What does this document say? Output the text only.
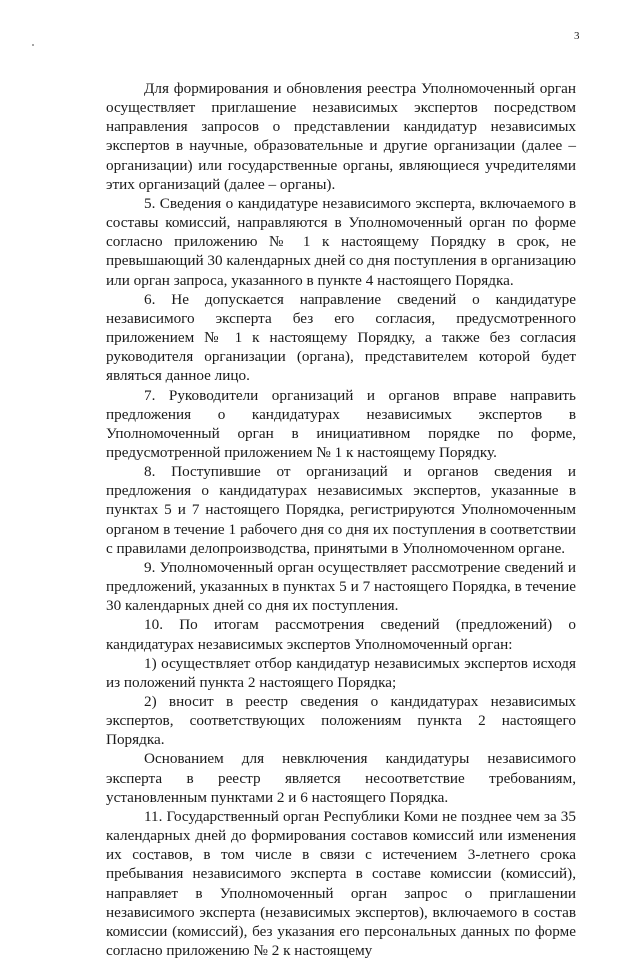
3

Для формирования и обновления реестра Уполномоченный орган осуществляет приглашение независимых экспертов посредством направления запросов о представлении кандидатур независимых экспертов в научные, образовательные и другие организации (далее – организации) или государственные органы, являющиеся учредителями этих организаций (далее – органы).

5. Сведения о кандидатуре независимого эксперта, включаемого в составы комиссий, направляются в Уполномоченный орган по форме согласно приложению № 1 к настоящему Порядку в срок, не превышающий 30 календарных дней со дня поступления в организацию или орган запроса, указанного в пункте 4 настоящего Порядка.

6. Не допускается направление сведений о кандидатуре независимого эксперта без его согласия, предусмотренного приложением № 1 к настоящему Порядку, а также без согласия руководителя организации (органа), представителем которой будет являться данное лицо.

7. Руководители организаций и органов вправе направить предложения о кандидатурах независимых экспертов в Уполномоченный орган в инициативном порядке по форме, предусмотренной приложением № 1 к настоящему Порядку.

8. Поступившие от организаций и органов сведения и предложения о кандидатурах независимых экспертов, указанные в пунктах 5 и 7 настоящего Порядка, регистрируются Уполномоченным органом в течение 1 рабочего дня со дня их поступления в соответствии с правилами делопроизводства, принятыми в Уполномоченном органе.

9. Уполномоченный орган осуществляет рассмотрение сведений и предложений, указанных в пунктах 5 и 7 настоящего Порядка, в течение 30 календарных дней со дня их поступления.

10. По итогам рассмотрения сведений (предложений) о кандидатурах независимых экспертов Уполномоченный орган:

1) осуществляет отбор кандидатур независимых экспертов исходя из положений пункта 2 настоящего Порядка;

2) вносит в реестр сведения о кандидатурах независимых экспертов, соответствующих положениям пункта 2 настоящего Порядка.

Основанием для невключения кандидатуры независимого эксперта в реестр является несоответствие требованиям, установленным пунктами 2 и 6 настоящего Порядка.

11. Государственный орган Республики Коми не позднее чем за 35 календарных дней до формирования составов комиссий или изменения их составов, в том числе в связи с истечением 3-летнего срока пребывания независимого эксперта в составе комиссии (комиссий), направляет в Уполномоченный орган запрос о приглашении независимого эксперта (независимых экспертов), включаемого в состав комиссии (комиссий), без указания его персональных данных по форме согласно приложению № 2 к настоящему
